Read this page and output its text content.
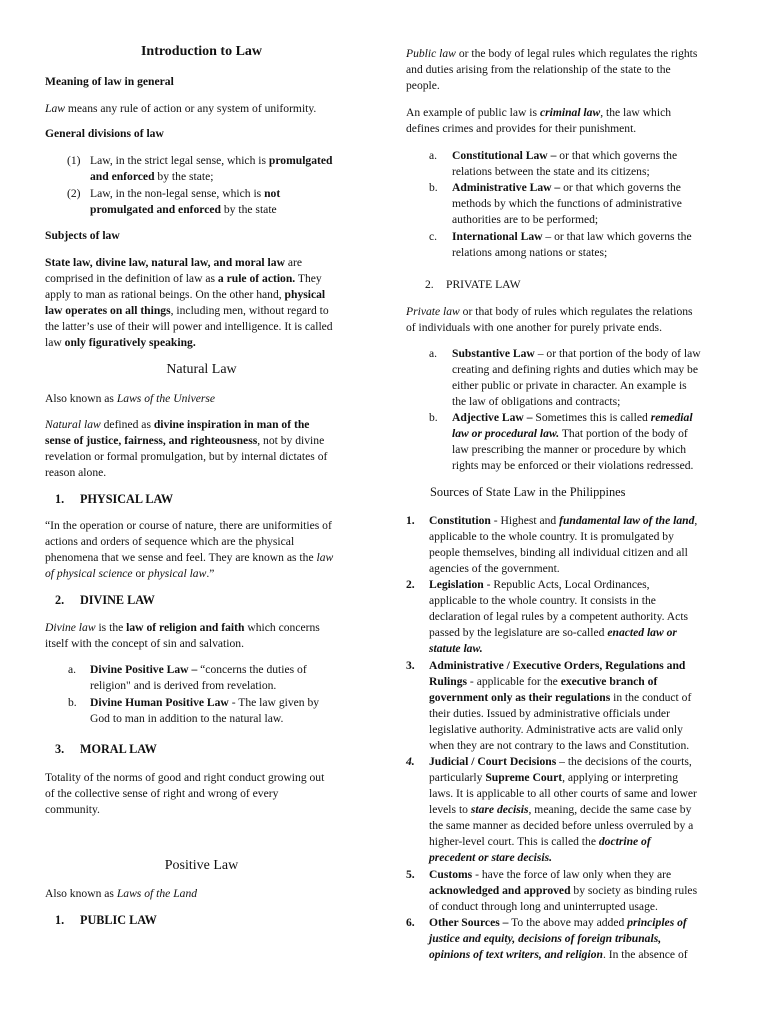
Introduction to Law
Meaning of law in general
Law means any rule of action or any system of uniformity.
General divisions of law
(1) Law, in the strict legal sense, which is promulgated
and enforced by the state;
(2) Law, in the non-legal sense, which is not
promulgated and enforced by the state
Subjects of law
State law, divine law, natural law, and moral law are
comprised in the definition of law as a rule of action. They
apply to man as rational beings. On the other hand, physical
law operates on all things, including men, without regard to
the latter’s use of their will power and intelligence. It is called
law only figuratively speaking.
Natural Law
Also known as Laws of the Universe
Natural law defined as divine inspiration in man of the
sense of justice, fairness, and righteousness, not by divine
revelation or formal promulgation, but by internal dictates of
reason alone.
1. PHYSICAL LAW
“In the operation or course of nature, there are uniformities of
actions and orders of sequence which are the physical
phenomena that we sense and feel. They are known as the law
of physical science or physical law.”
2. DIVINE LAW
Divine law is the law of religion and faith which concerns
itself with the concept of sin and salvation.
a. Divine Positive Law – “concerns the duties of
religion" and is derived from revelation.
b. Divine Human Positive Law - The law given by
God to man in addition to the natural law.
3. MORAL LAW
Totality of the norms of good and right conduct growing out
of the collective sense of right and wrong of every
community.
Positive Law
Also known as Laws of the Land
1. PUBLIC LAW
Public law or the body of legal rules which regulates the rights
and duties arising from the relationship of the state to the
people.
An example of public law is criminal law, the law which
defines crimes and provides for their punishment.
a. Constitutional Law – or that which governs the
relations between the state and its citizens;
b. Administrative Law – or that which governs the
methods by which the functions of administrative
authorities are to be performed;
c. International Law – or that law which governs the
relations among nations or states;
2. PRIVATE LAW
Private law or that body of rules which regulates the relations
of individuals with one another for purely private ends.
a. Substantive Law – or that portion of the body of law
creating and defining rights and duties which may be
either public or private in character. An example is
the law of obligations and contracts;
b. Adjective Law – Sometimes this is called remedial
law or procedural law. That portion of the body of
law prescribing the manner or procedure by which
rights may be enforced or their violations redressed.
Sources of State Law in the Philippines
1. Constitution - Highest and fundamental law of the land,
applicable to the whole country. It is promulgated by
people themselves, binding all individual citizen and all
agencies of the government.
2. Legislation - Republic Acts, Local Ordinances,
applicable to the whole country. It consists in the
declaration of legal rules by a competent authority. Acts
passed by the legislature are so-called enacted law or
statute law.
3. Administrative / Executive Orders, Regulations and
Rulings - applicable for the executive branch of
government only as their regulations in the conduct of
their duties. Issued by administrative officials under
legislative authority. Administrative acts are valid only
when they are not contrary to the laws and Constitution.
4. Judicial / Court Decisions – the decisions of the courts,
particularly Supreme Court, applying or interpreting
laws. It is applicable to all other courts of same and lower
levels to stare decisis, meaning, decide the same case by
the same manner as decided before unless overruled by a
higher-level court. This is called the doctrine of
precedent or stare decisis.
5. Customs - have the force of law only when they are
acknowledged and approved by society as binding rules
of conduct through long and uninterrupted usage.
6. Other Sources – To the above may added principles of
justice and equity, decisions of foreign tribunals,
opinions of text writers, and religion. In the absence of
